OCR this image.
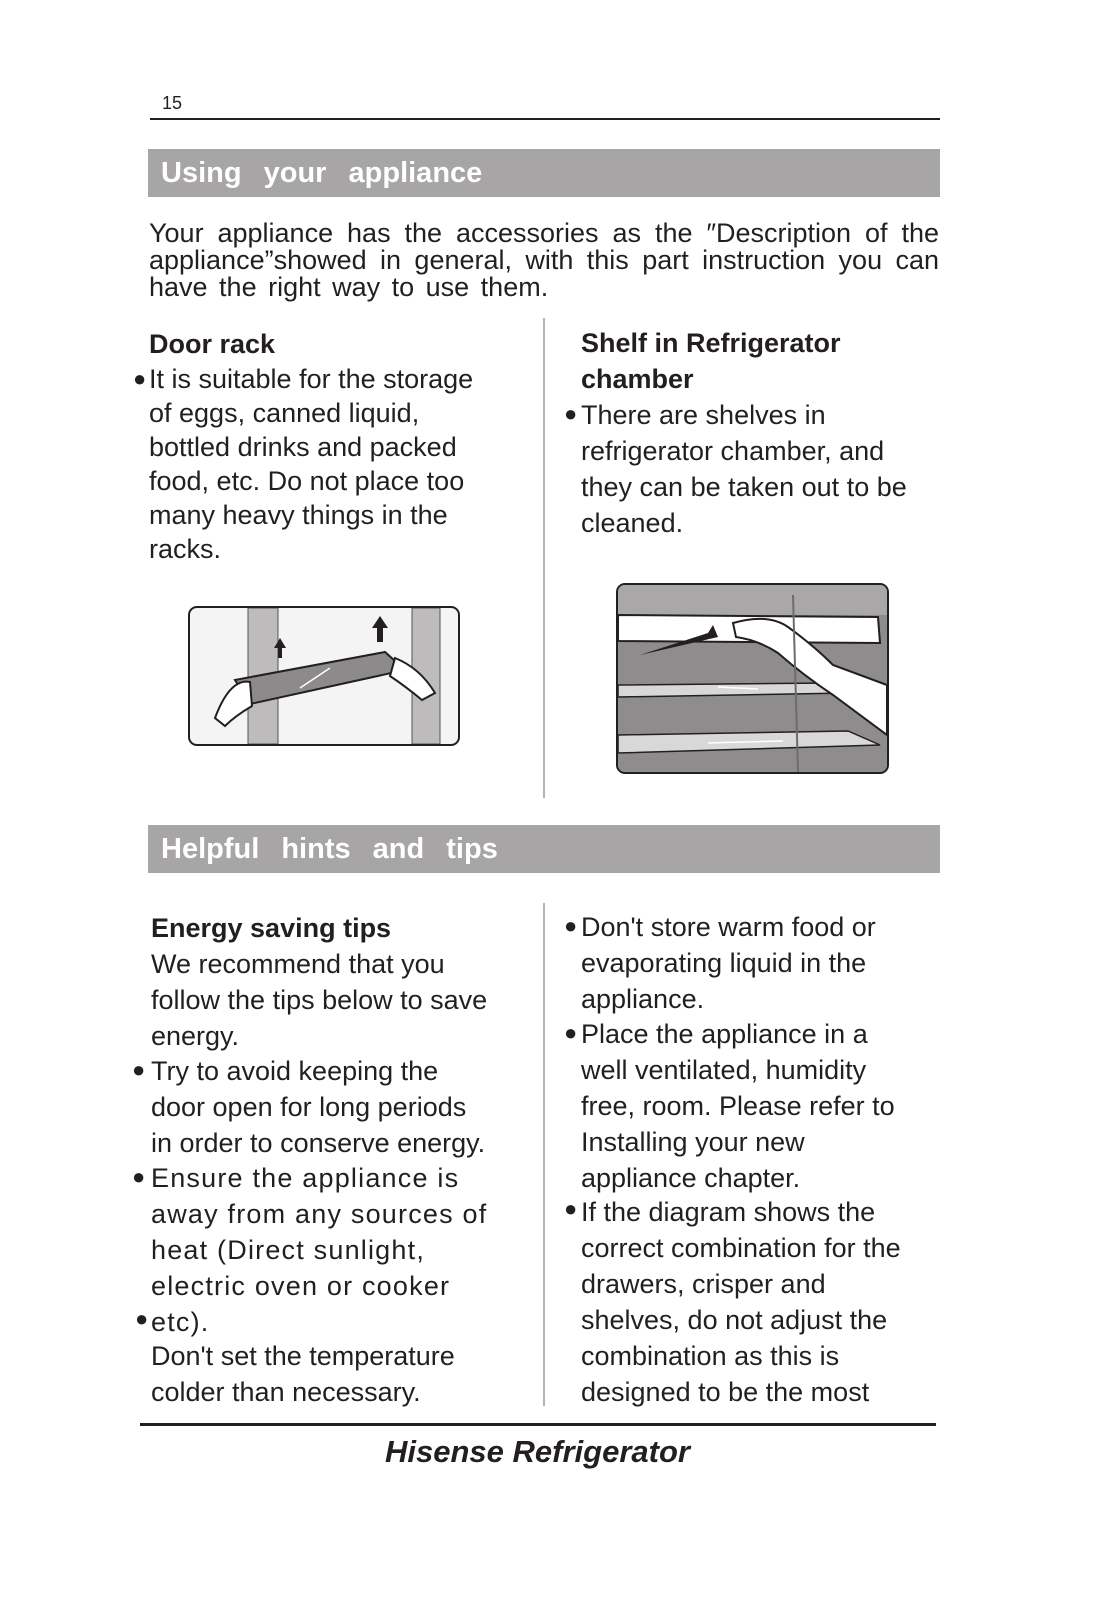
15
Using your appliance
Your appliance has the accessories as the ″Description of the appliance”showed in general, with this part instruction you can have the right way to use them.
Door rack
● It is suitable for the storage
of eggs, canned liquid,
bottled drinks and packed
food, etc. Do not place too
many heavy things in the
racks.
Shelf in Refrigerator
chamber
● There are shelves in
refrigerator chamber, and
they can be taken out to be
cleaned.
Helpful hints and tips
Energy saving tips
We recommend that you
follow the tips below to save
energy.
● Try to avoid keeping the
door open for long periods
in order to conserve energy.
● Ensure the appliance is
away from any sources of
heat (Direct sunlight,
electric oven or cooker
● etc).
Don't set the temperature
colder than necessary.
● Don't store warm food or
evaporating liquid in the
appliance.
● Place the appliance in a
well ventilated, humidity
free, room. Please refer to
Installing your new
appliance chapter.
● If the diagram shows the
correct combination for the
drawers, crisper and
shelves, do not adjust the
combination as this is
designed to be the most
Hisense Refrigerator
